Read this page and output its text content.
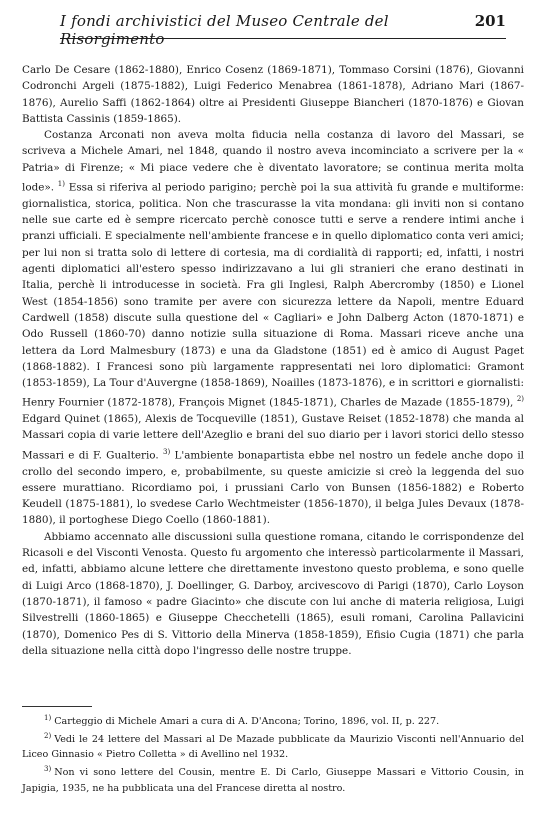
I fondi archivistici del Museo Centrale del Risorgimento
201

Carlo De Cesare (1862-1880), Enrico Cosenz (1869-1871), Tommaso Corsini (1876), Giovanni Codronchi Argeli (1875-1882), Luigi Federico Menabrea (1861-1878), Adriano Mari (1867-1876), Aurelio Saffi (1862-1864) oltre ai Presidenti Giuseppe Biancheri (1870-1876) e Giovan Battista Cassinis (1859-1865).

Costanza Arconati non aveva molta fiducia nella costanza di lavoro del Massari, se scriveva a Michele Amari, nel 1848, quando il nostro aveva incominciato a scrivere per la « Patria» di Firenze; « Mi piace vedere che è diventato lavoratore; se continua merita molta lode». $^{1)}$ Essa si riferiva al periodo parigino; perchè poi la sua attività fu grande e multiforme: giornalistica, storica, politica. Non che trascurasse la vita mondana: gli inviti non si contano nelle sue carte ed è sempre ricercato perchè conosce tutti e serve a rendere intimi anche i pranzi ufficiali. E specialmente nell'ambiente francese e in quello diplomatico conta veri amici; per lui non si tratta solo di lettere di cortesia, ma di cordialità di rapporti; ed, infatti, i nostri agenti diplomatici all'estero spesso indirizzavano a lui gli stranieri che erano destinati in Italia, perchè li introducesse in società. Fra gli Inglesi, Ralph Abercromby (1850) e Lionel West (1854-1856) sono tramite per avere con sicurezza lettere da Napoli, mentre Eduard Cardwell (1858) discute sulla questione del « Cagliari» e John Dalberg Acton (1870-1871) e Odo Russell (1860-70) danno notizie sulla situazione di Roma. Massari riceve anche una lettera da Lord Malmesbury (1873) e una da Gladstone (1851) ed è amico di August Paget (1868-1882). I Francesi sono più largamente rappresentati nei loro diplomatici: Gramont (1853-1859), La Tour d'Auvergne (1858-1869), Noailles (1873-1876), e in scrittori e giornalisti: Henry Fournier (1872-1878), François Mignet (1845-1871), Charles de Mazade (1855-1879), $^{2)}$ Edgard Quinet (1865), Alexis de Tocqueville (1851), Gustave Reiset (1852-1878) che manda al Massari copia di varie lettere dell'Azeglio e brani del suo diario per i lavori storici dello stesso Massari e di F. Gualterio. $^{3)}$ L'ambiente bonapartista ebbe nel nostro un fedele anche dopo il crollo del secondo impero, e, probabilmente, su queste amicizie si creò la leggenda del suo essere murattiano. Ricordiamo poi, i prussiani Carlo von Bunsen (1856-1882) e Roberto Keudell (1875-1881), lo svedese Carlo Wechtmeister (1856-1870), il belga Jules Devaux (1878-1880), il portoghese Diego Coello (1860-1881).

Abbiamo accennato alle discussioni sulla questione romana, citando le corrispondenze del Ricasoli e del Visconti Venosta. Questo fu argomento che interessò particolarmente il Massari, ed, infatti, abbiamo alcune lettere che direttamente investono questo problema, e sono quelle di Luigi Arco (1868-1870), J. Doellinger, G. Darboy, arcivescovo di Parigi (1870), Carlo Loyson (1870-1871), il famoso « padre Giacinto» che discute con lui anche di materia religiosa, Luigi Silvestrelli (1860-1865) e Giuseppe Checchetelli (1865), esuli romani, Carolina Pallavicini (1870), Domenico Pes di S. Vittorio della Minerva (1858-1859), Efisio Cugia (1871) che parla della situazione nella città dopo l'ingresso delle nostre truppe.

$^{1)}$ Carteggio di Michele Amari a cura di A. D'Ancona; Torino, 1896, vol. II, p. 227.

$^{2)}$ Vedi le 24 lettere del Massari al De Mazade pubblicate da Maurizio Visconti nell'Annuario del Liceo Ginnasio « Pietro Colletta » di Avellino nel 1932.

$^{3)}$ Non vi sono lettere del Cousin, mentre E. Di Carlo, Giuseppe Massari e Vittorio Cousin, in Japigia, 1935, ne ha pubblicata una del Francese diretta al nostro.
